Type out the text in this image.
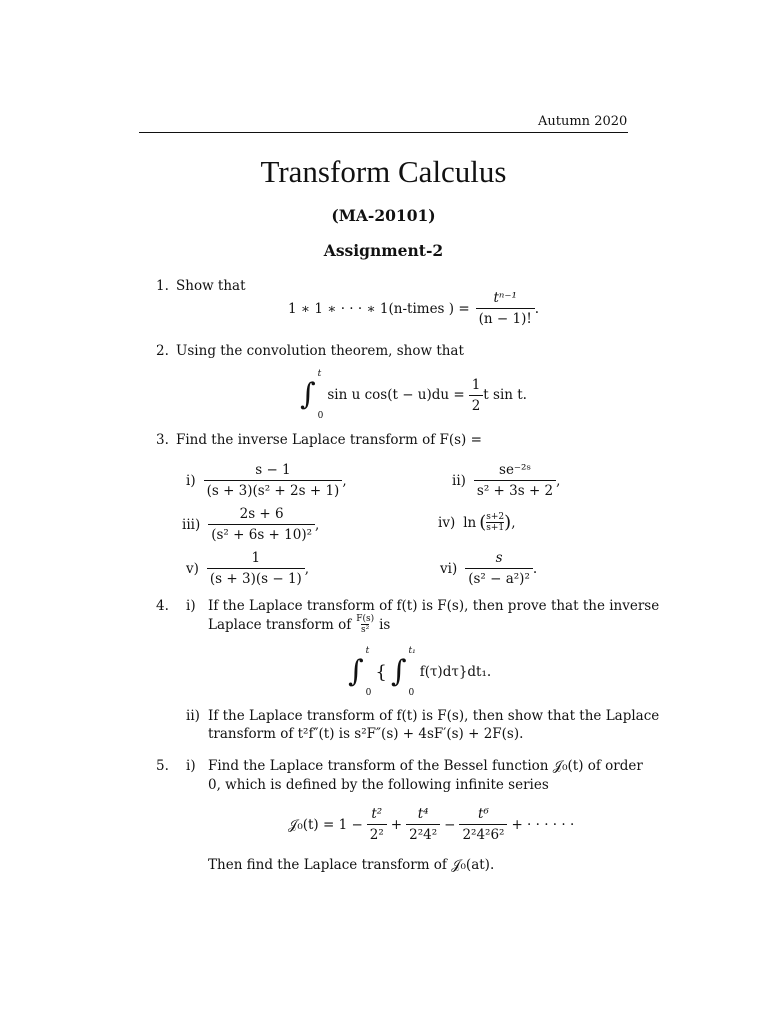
Autumn 2020
Transform Calculus
(MA-20101)
Assignment-2
1. Show that
1 ∗ 1 ∗ · · · ∗ 1(n-times ) = $\frac{\text{tⁿ⁻¹}}{(n - 1)!}$ .
2. Using the convolution theorem, show that
∫
t
0
sin u $\cos(t - u)du = \frac{1}{2}$ t sin t.
3. Find the inverse Laplace transform of F(s) =
$i) \frac{s - 1}{\text{(s + 3)(s² + 2s + 1)}}$ ,	$ii) \frac{\text{se⁻²ˢ}}{\text{s² + 3s + 2}}$ ,
$iii) \frac{2s + 6}{\text{(s² + 6s + 10)²}}$ ,	iv) ln ( $\frac{s+2}{s+1}$ ) ,
$v) \frac{1}{(s + 3)(s - 1)}$ ,	$vi) \frac{s}{\text{(s² − a²)²}}$ .
4. i) If the Laplace transform of f(t) is F(s), then prove that the inverse
Laplace transform of $\frac{F(s)}{\text{s²}}$ is
∫
t
0
{ ∫
t₁
0
f(τ)dτ }dt₁.
ii) If the Laplace transform of f(t) is F(s), then show that the Laplace
transform of t²f″(t) is s²F″(s) + 4sF′(s) + 2F(s).
5. i) Find the Laplace transform of the Bessel function 𝒥₀(t) of order
0, which is defined by the following infinite series
𝒥₀(t) = $1 - \frac{\text{t²}}{\text{2²}} + \frac{\text{t⁴}}{\text{2²4²}} - \frac{\text{t⁶}}{\text{2²4²6²}}$ + · · · · · ·
Then find the Laplace transform of 𝒥₀(at).
